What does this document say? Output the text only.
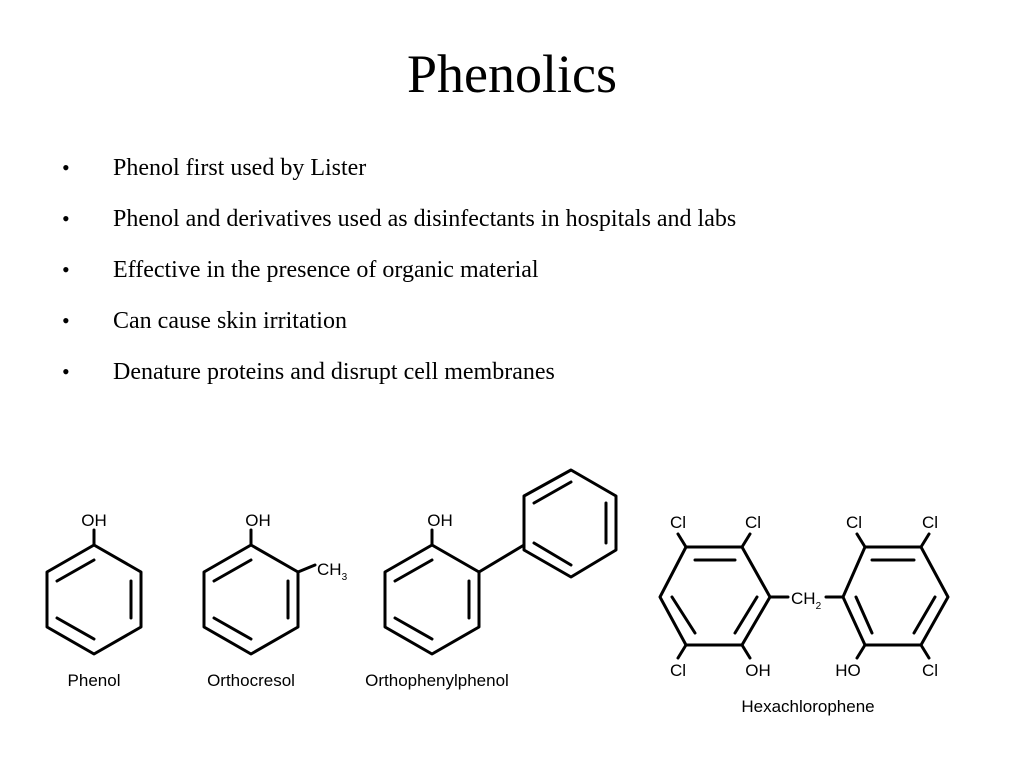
Phenolics
• Phenol first used by Lister
• Phenol and derivatives used as disinfectants in hospitals and labs
• Effective in the presence of organic material
• Can cause skin irritation
• Denature proteins and disrupt cell membranes
OH
Phenol
OH
$CH_3$
Orthocresol
OH
Orthophenylphenol
Cl	Cl	Cl	Cl
Cl	Cl
OH	HO
$CH_2$
Hexachlorophene
